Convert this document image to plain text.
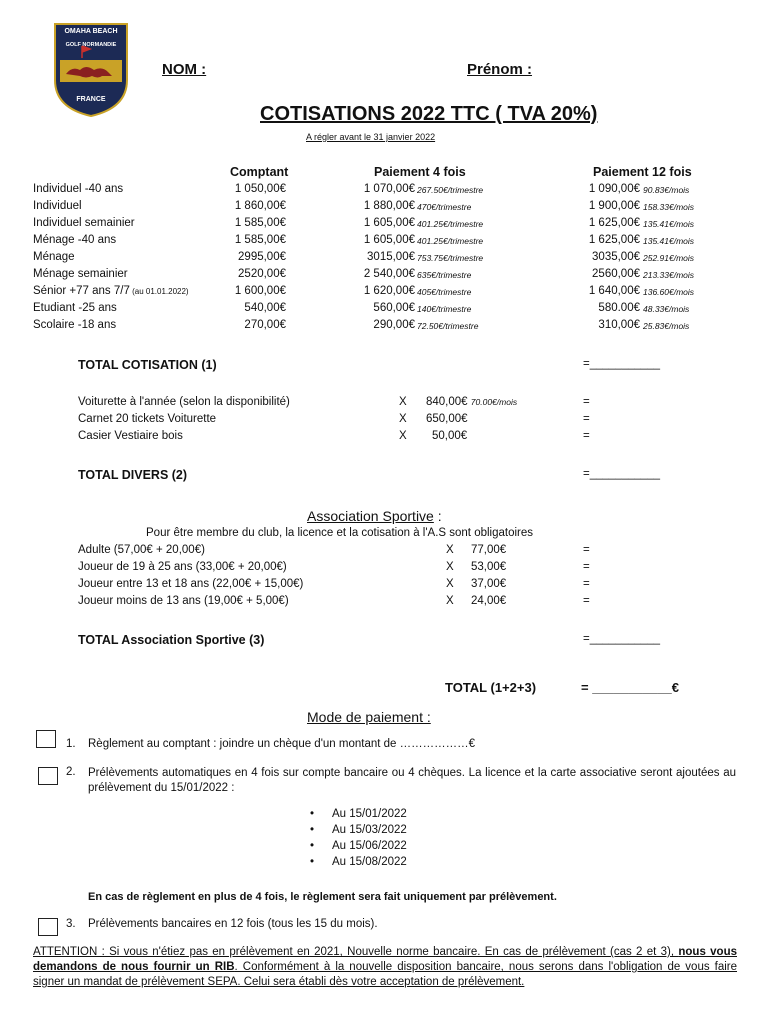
OMAHA BEACH
GOLF NORMANDIE
FRANCE
NOM :	Prénom :
COTISATIONS 2022 TTC ( TVA 20%)
A régler avant le 31 janvier 2022
Comptant	Paiement 4 fois	Paiement 12 fois
Individuel -40 ans	1 050,00€	1 070,00€ 267.50€/trimestre	1 090,00€ 90.83€/mois
Individuel	1 860,00€	1 880,00€ 470€/trimestre	1 900,00€ 158.33€/mois
Individuel semainier	1 585,00€	1 605,00€ 401.25€/trimestre	1 625,00€ 135.41€/mois
Ménage -40 ans	1 585,00€	1 605,00€ 401.25€/trimestre	1 625,00€ 135.41€/mois
Ménage	2995,00€	3015,00€ 753.75€/trimestre	3035,00€ 252.91€/mois
Ménage semainier	2520,00€	2 540,00€ 635€/trimestre	2560,00€ 213.33€/mois
Sénior +77 ans 7/7 (au 01.01.2022)	1 600,00€	1 620,00€ 405€/trimestre	1 640,00€ 136.60€/mois
Etudiant -25 ans	540,00€	560,00€ 140€/trimestre	580.00€ 48.33€/mois
Scolaire -18 ans	270,00€	290,00€ 72.50€/trimestre	310,00€ 25.83€/mois
TOTAL COTISATION (1)	=___________
Voiturette à l'année (selon la disponibilité)	X 840,00€ 70.00€/mois	=
Carnet 20 tickets Voiturette	X 650,00€	=
Casier Vestiaire bois	X 50,00€	=
TOTAL DIVERS (2)	=___________
Association Sportive :
Pour être membre du club, la licence et la cotisation à l'A.S sont obligatoires
Adulte (57,00€ + 20,00€)	X 77,00€	=
Joueur de 19 à 25 ans (33,00€ + 20,00€)	X 53,00€	=
Joueur entre 13 et 18 ans (22,00€ + 15,00€)	X 37,00€	=
Joueur moins de 13 ans (19,00€ + 5,00€)	X 24,00€	=
TOTAL Association Sportive (3)	=___________
TOTAL (1+2+3)	= ___________€
Mode de paiement :
1. Règlement au comptant : joindre un chèque d'un montant de ………………€
2. Prélèvements automatiques en 4 fois sur compte bancaire ou 4 chèques. La licence et la carte associative seront ajoutées au prélèvement du 15/01/2022 :
• Au 15/01/2022
• Au 15/03/2022
• Au 15/06/2022
• Au 15/08/2022
En cas de règlement en plus de 4 fois, le règlement sera fait uniquement par prélèvement.
3. Prélèvements bancaires en 12 fois (tous les 15 du mois).
ATTENTION : Si vous n'étiez pas en prélèvement en 2021, Nouvelle norme bancaire. En cas de prélèvement (cas 2 et 3), nous vous demandons de nous fournir un RIB. Conformément à la nouvelle disposition bancaire, nous serons dans l'obligation de vous faire signer un mandat de prélèvement SEPA. Celui sera établi dès votre acceptation de prélèvement.
